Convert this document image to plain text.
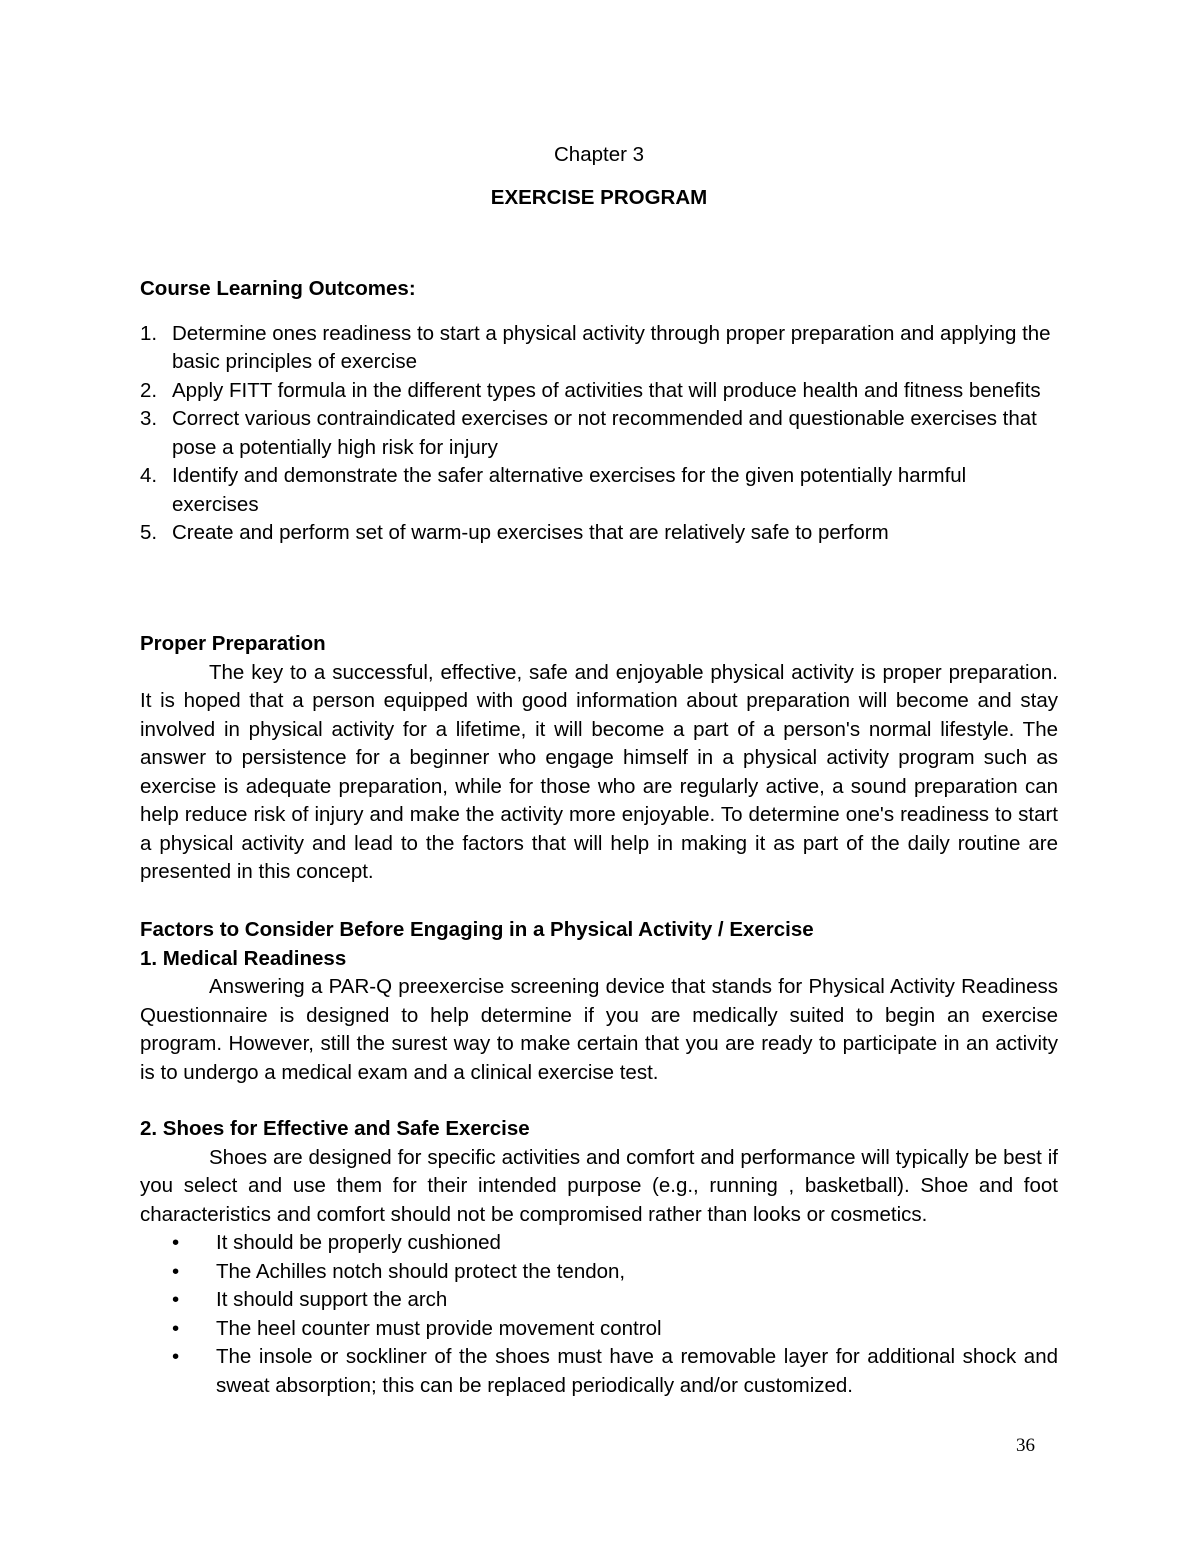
Chapter 3
EXERCISE PROGRAM
Course Learning Outcomes:
1. Determine ones readiness to start a physical activity through proper preparation and applying the basic principles of exercise
2. Apply FITT formula in the different types of activities that will produce health and fitness benefits
3. Correct various contraindicated exercises or not recommended and questionable exercises that pose a potentially high risk for injury
4. Identify and demonstrate the safer alternative exercises for the given potentially harmful exercises
5. Create and perform set of warm-up exercises that are relatively safe to perform
Proper Preparation

The key to a successful, effective, safe and enjoyable physical activity is proper preparation. It is hoped that a person equipped with good information about preparation will become and stay involved in physical activity for a lifetime, it will become a part of a person's normal lifestyle. The answer to persistence for a beginner who engage himself in a physical activity program such as exercise is adequate preparation, while for those who are regularly active, a sound preparation can help reduce risk of injury and make the activity more enjoyable. To determine one's readiness to start a physical activity and lead to the factors that will help in making it as part of the daily routine are presented in this concept.

Factors to Consider Before Engaging in a Physical Activity / Exercise
1. Medical Readiness

Answering a PAR-Q preexercise screening device that stands for Physical Activity Readiness Questionnaire is designed to help determine if you are medically suited to begin an exercise program. However, still the surest way to make certain that you are ready to participate in an activity is to undergo a medical exam and a clinical exercise test.

2. Shoes for Effective and Safe Exercise

Shoes are designed for specific activities and comfort and performance will typically be best if you select and use them for their intended purpose (e.g., running , basketball). Shoe and foot characteristics and comfort should not be compromised rather than looks or cosmetics.

• It should be properly cushioned
• The Achilles notch should protect the tendon,
• It should support the arch
• The heel counter must provide movement control
• The insole or sockliner of the shoes must have a removable layer for additional shock and sweat absorption; this can be replaced periodically and/or customized.
36
